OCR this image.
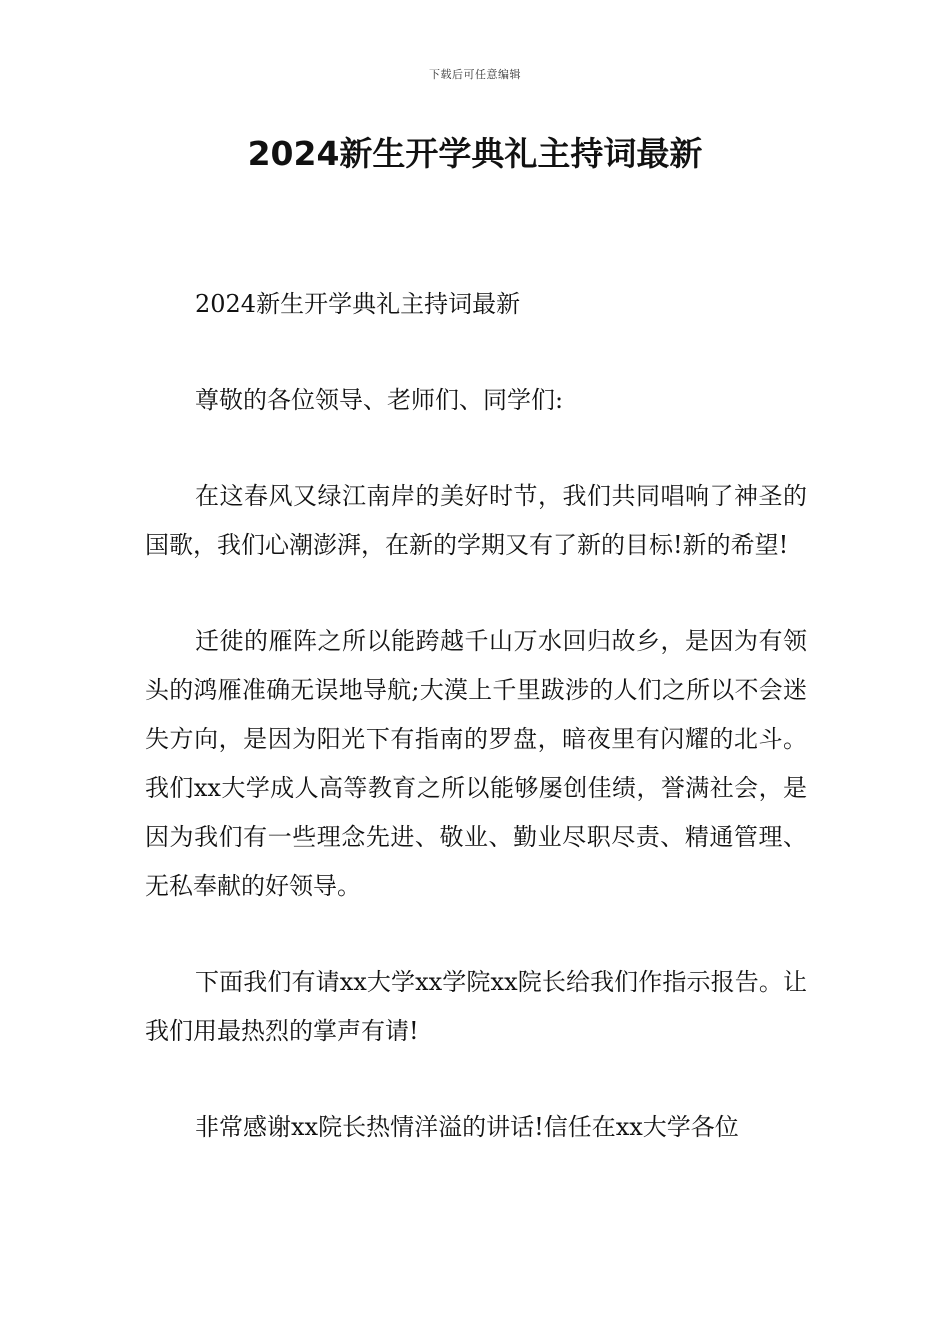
下载后可任意编辑
2024新生开学典礼主持词最新

2024新生开学典礼主持词最新

尊敬的各位领导、老师们、同学们:

在这春风又绿江南岸的美好时节，我们共同唱响了神圣的国歌，我们心潮澎湃，在新的学期又有了新的目标!新的希望!

迁徙的雁阵之所以能跨越千山万水回归故乡，是因为有领头的鸿雁准确无误地导航;大漠上千里跋涉的人们之所以不会迷失方向，是因为阳光下有指南的罗盘，暗夜里有闪耀的北斗。我们xx大学成人高等教育之所以能够屡创佳绩，誉满社会，是因为我们有一些理念先进、敬业、勤业尽职尽责、精通管理、无私奉献的好领导。

下面我们有请xx大学xx学院xx院长给我们作指示报告。让我们用最热烈的掌声有请!

非常感谢xx院长热情洋溢的讲话!信任在xx大学各位
